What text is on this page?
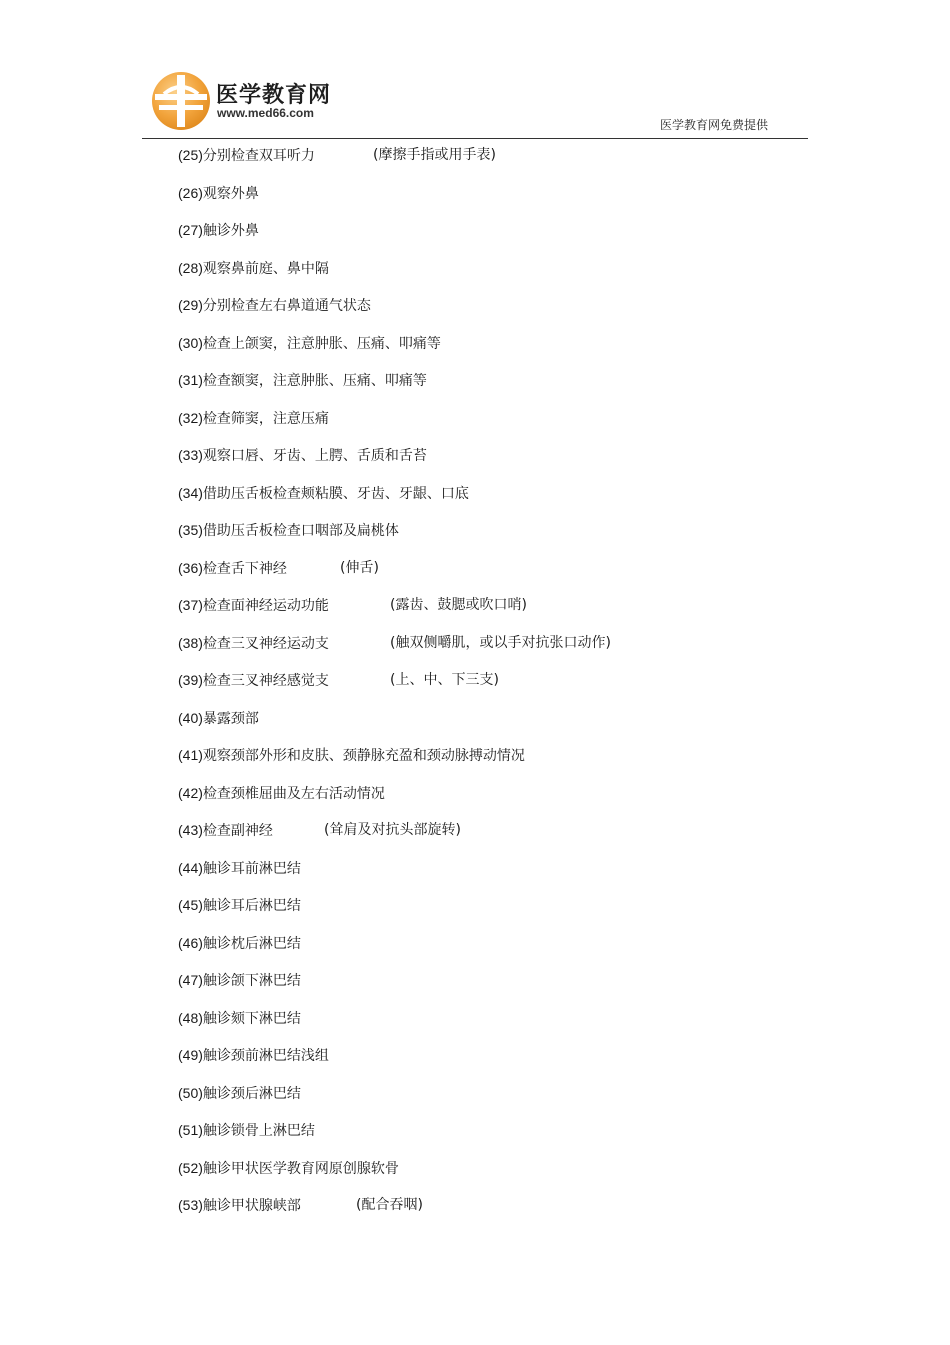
医学教育网
www.med66.com
医学教育网免费提供
(25)分别检查双耳听力	(摩擦手指或用手表)
(26)观察外鼻
(27)触诊外鼻
(28)观察鼻前庭、鼻中隔
(29)分别检查左右鼻道通气状态
(30)检查上颌窦，注意肿胀、压痛、叩痛等
(31)检查额窦，注意肿胀、压痛、叩痛等
(32)检查筛窦，注意压痛
(33)观察口唇、牙齿、上腭、舌质和舌苔
(34)借助压舌板检查颊粘膜、牙齿、牙龈、口底
(35)借助压舌板检查口咽部及扁桃体
(36)检查舌下神经	(伸舌)
(37)检查面神经运动功能	(露齿、鼓腮或吹口哨)
(38)检查三叉神经运动支	(触双侧嚼肌，或以手对抗张口动作)
(39)检查三叉神经感觉支	(上、中、下三支)
(40)暴露颈部
(41)观察颈部外形和皮肤、颈静脉充盈和颈动脉搏动情况
(42)检查颈椎屈曲及左右活动情况
(43)检查副神经	(耸肩及对抗头部旋转)
(44)触诊耳前淋巴结
(45)触诊耳后淋巴结
(46)触诊枕后淋巴结
(47)触诊颌下淋巴结
(48)触诊颏下淋巴结
(49)触诊颈前淋巴结浅组
(50)触诊颈后淋巴结
(51)触诊锁骨上淋巴结
(52)触诊甲状医学教育网原创腺软骨
(53)触诊甲状腺峡部	(配合吞咽)
